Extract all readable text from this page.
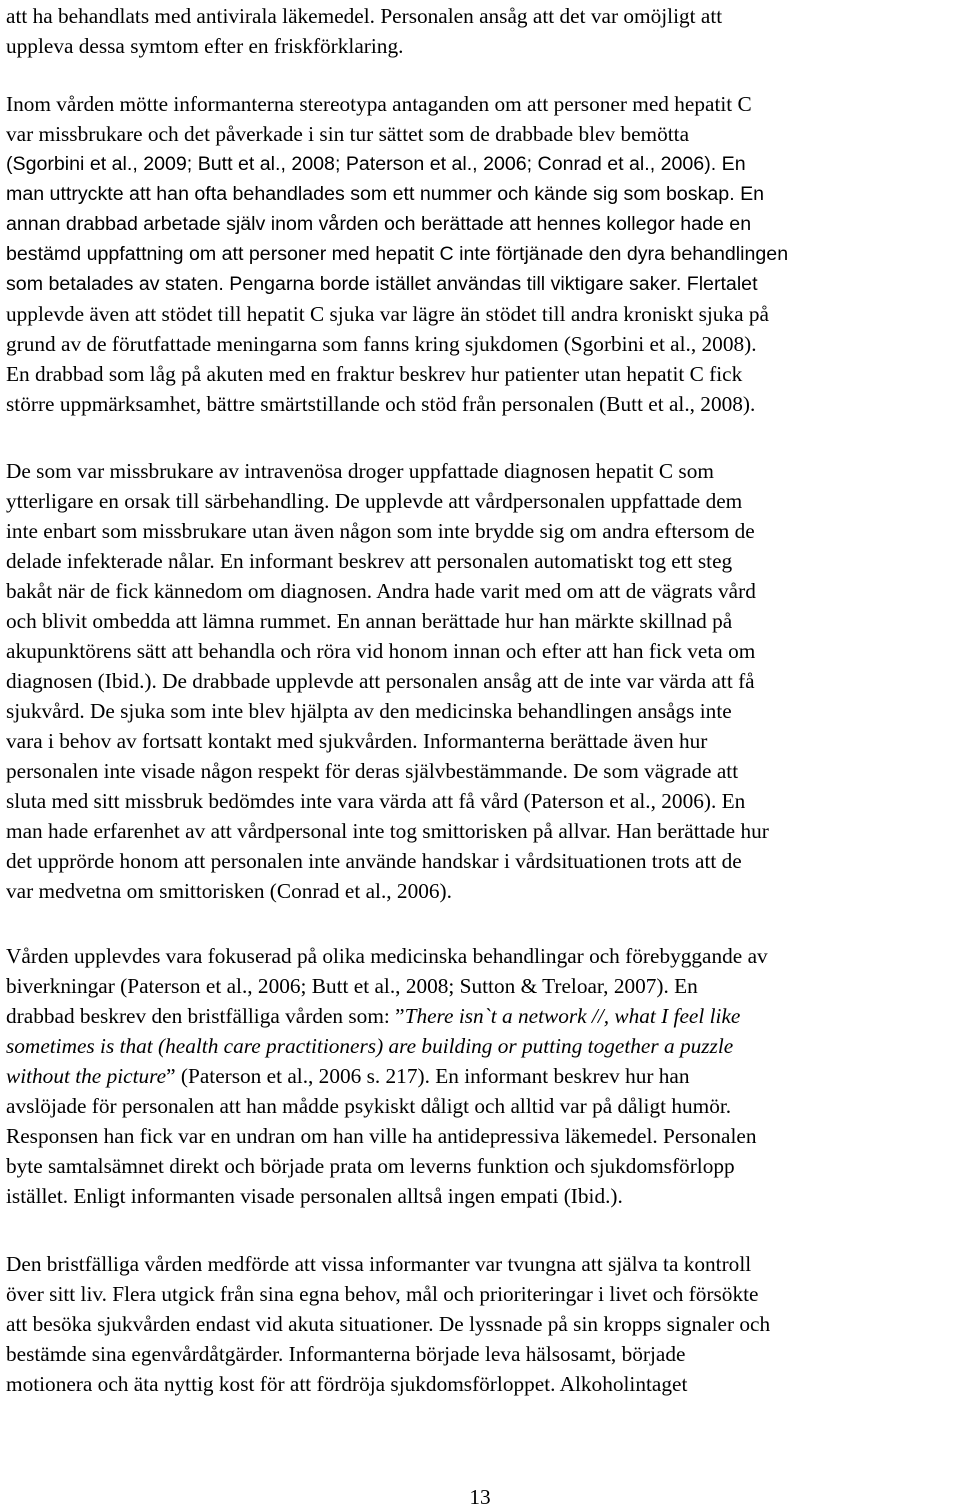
att ha behandlats med antivirala läkemedel. Personalen ansåg att det var omöjligt att
uppleva dessa symtom efter en friskförklaring.
Inom vården mötte informanterna stereotypa antaganden om att personer med hepatit C
var missbrukare och det påverkade i sin tur sättet som de drabbade blev bemötta
(Sgorbini et al., 2009; Butt et al., 2008; Paterson et al., 2006; Conrad et al., 2006). En
man uttryckte att han ofta behandlades som ett nummer och kände sig som boskap. En
annan drabbad arbetade själv inom vården och berättade att hennes kollegor hade en
bestämd uppfattning om att personer med hepatit C inte förtjänade den dyra behandlingen
som betalades av staten. Pengarna borde istället användas till viktigare saker. Flertalet
upplevde även att stödet till hepatit C sjuka var lägre än stödet till andra kroniskt sjuka på
grund av de förutfattade meningarna som fanns kring sjukdomen (Sgorbini et al., 2008).
En drabbad som låg på akuten med en fraktur beskrev hur patienter utan hepatit C fick
större uppmärksamhet, bättre smärtstillande och stöd från personalen (Butt et al., 2008).
De som var missbrukare av intravenösa droger uppfattade diagnosen hepatit C som
ytterligare en orsak till särbehandling. De upplevde att vårdpersonalen uppfattade dem
inte enbart som missbrukare utan även någon som inte brydde sig om andra eftersom de
delade infekterade nålar. En informant beskrev att personalen automatiskt tog ett steg
bakåt när de fick kännedom om diagnosen. Andra hade varit med om att de vägrats vård
och blivit ombedda att lämna rummet. En annan berättade hur han märkte skillnad på
akupunktörens sätt att behandla och röra vid honom innan och efter att han fick veta om
diagnosen (Ibid.). De drabbade upplevde att personalen ansåg att de inte var värda att få
sjukvård. De sjuka som inte blev hjälpta av den medicinska behandlingen ansågs inte
vara i behov av fortsatt kontakt med sjukvården. Informanterna berättade även hur
personalen inte visade någon respekt för deras självbestämmande. De som vägrade att
sluta med sitt missbruk bedömdes inte vara värda att få vård (Paterson et al., 2006). En
man hade erfarenhet av att vårdpersonal inte tog smittorisken på allvar. Han berättade hur
det upprörde honom att personalen inte använde handskar i vårdsituationen trots att de
var medvetna om smittorisken (Conrad et al., 2006).
Vården upplevdes vara fokuserad på olika medicinska behandlingar och förebyggande av
biverkningar (Paterson et al., 2006; Butt et al., 2008; Sutton & Treloar, 2007). En
drabbad beskrev den bristfälliga vården som: ”There isn`t a network //, what I feel like
sometimes is that (health care practitioners) are building or putting together a puzzle
without the picture” (Paterson et al., 2006 s. 217). En informant beskrev hur han
avslöjade för personalen att han mådde psykiskt dåligt och alltid var på dåligt humör.
Responsen han fick var en undran om han ville ha antidepressiva läkemedel. Personalen
byte samtalsämnet direkt och började prata om leverns funktion och sjukdomsförlopp
istället. Enligt informanten visade personalen alltså ingen empati (Ibid.).
Den bristfälliga vården medförde att vissa informanter var tvungna att själva ta kontroll
över sitt liv. Flera utgick från sina egna behov, mål och prioriteringar i livet och försökte
att besöka sjukvården endast vid akuta situationer. De lyssnade på sin kropps signaler och
bestämde sina egenvårdåtgärder. Informanterna började leva hälsosamt, började
motionera och äta nyttig kost för att fördröja sjukdomsförloppet. Alkoholintaget
13
